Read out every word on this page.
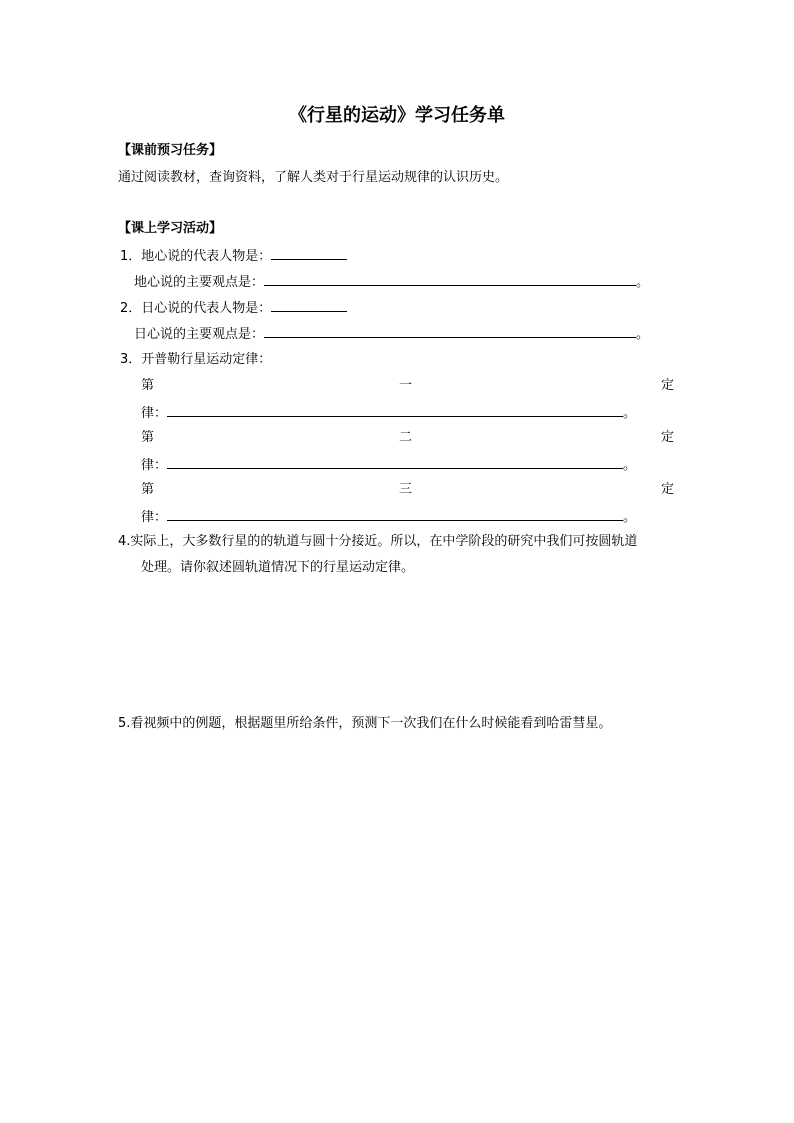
《行星的运动》学习任务单
【课前预习任务】
通过阅读教材，查询资料，了解人类对于行星运动规律的认识历史。
【课上学习活动】
1．地心说的代表人物是：
地心说的主要观点是：	。
2．日心说的代表人物是：
日心说的主要观点是：	。
3．开普勒行星运动定律：
第	一	定
律：	。
第	二	定
律：	。
第	三	定
律：	。
4.实际上，大多数行星的的轨道与圆十分接近。所以，在中学阶段的研究中我们可按圆轨道
处理。请你叙述圆轨道情况下的行星运动定律。
5.看视频中的例题，根据题里所给条件，预测下一次我们在什么时候能看到哈雷彗星。
